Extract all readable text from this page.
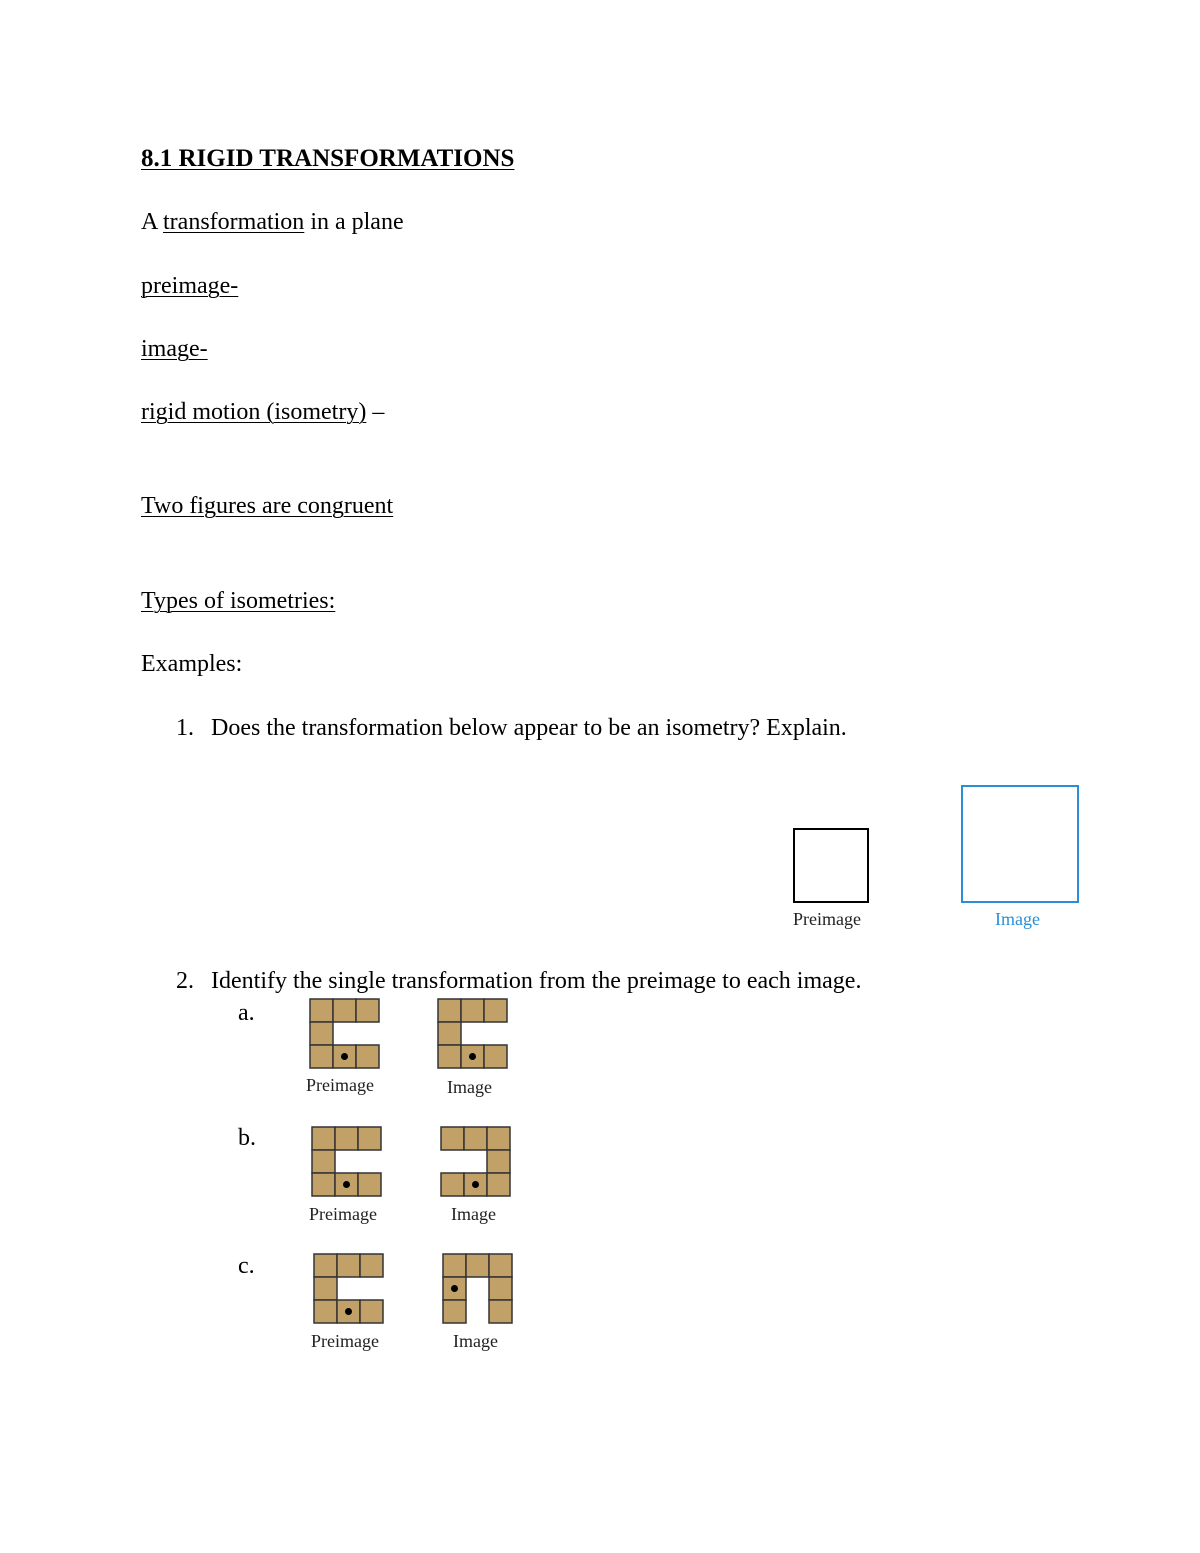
8.1 RIGID TRANSFORMATIONS
A transformation in a plane
preimage-
image-
rigid motion (isometry) –
Two figures are congruent
Types of isometries:
Examples:
1. Does the transformation below appear to be an isometry? Explain.
Preimage	Image
2. Identify the single transformation from the preimage to each image.
a.
Preimage	Image
b.
Preimage	Image
c.
Preimage	Image
